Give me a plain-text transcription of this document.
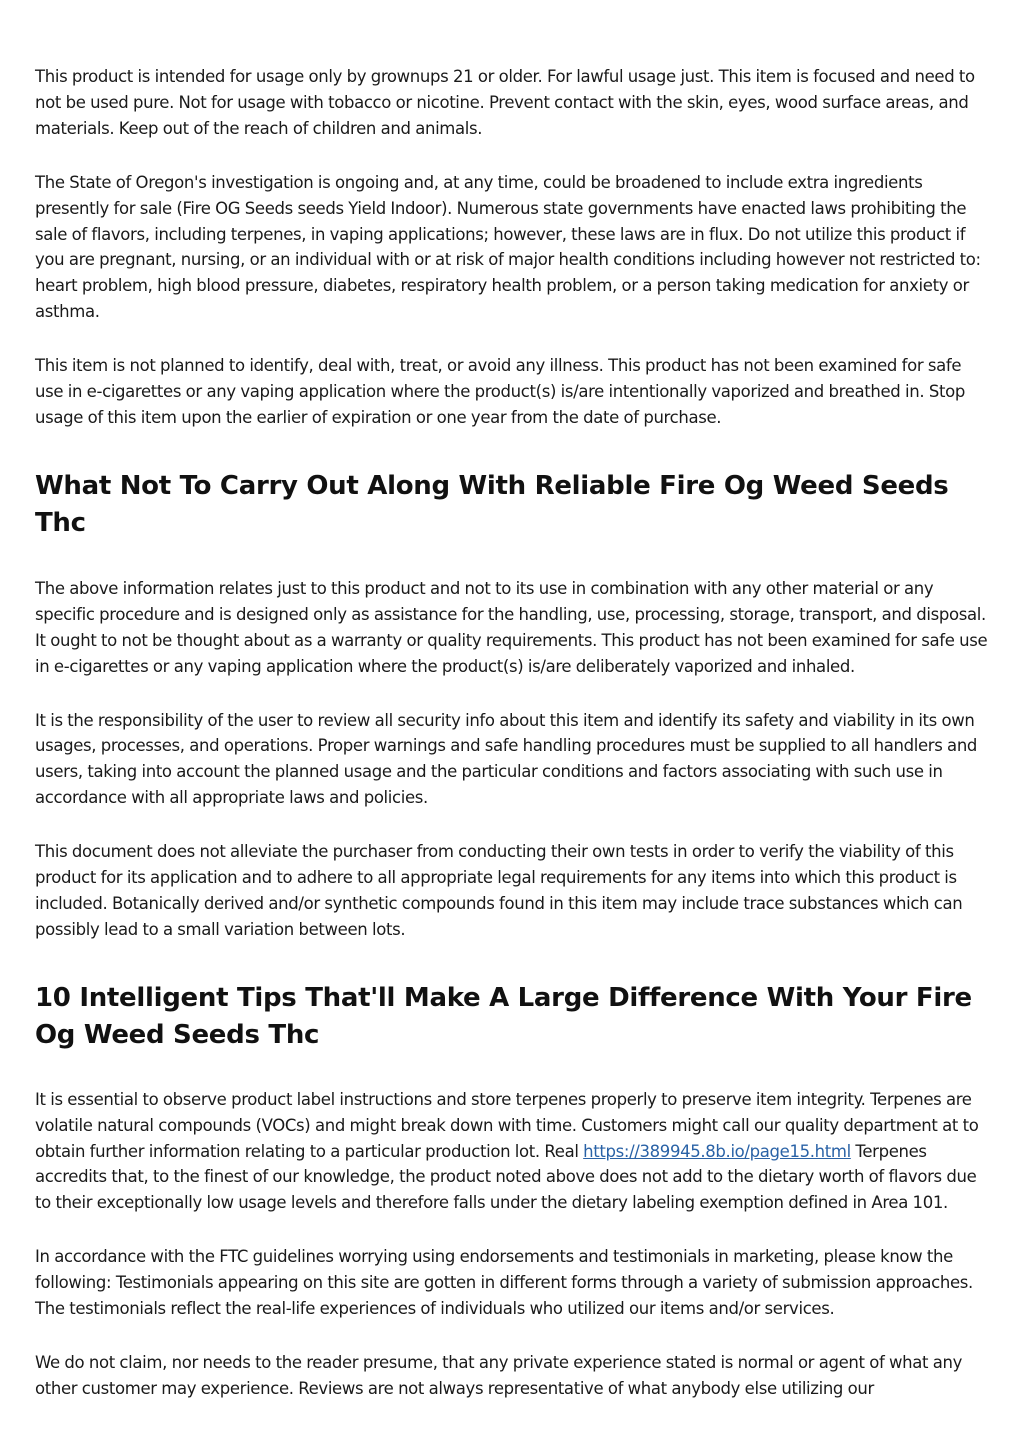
This product is intended for usage only by grownups 21 or older. For lawful usage just. This item is focused and need to not be used pure. Not for usage with tobacco or nicotine. Prevent contact with the skin, eyes, wood surface areas, and materials. Keep out of the reach of children and animals.

The State of Oregon's investigation is ongoing and, at any time, could be broadened to include extra ingredients presently for sale (Fire OG Seeds seeds Yield Indoor). Numerous state governments have enacted laws prohibiting the sale of flavors, including terpenes, in vaping applications; however, these laws are in flux. Do not utilize this product if you are pregnant, nursing, or an individual with or at risk of major health conditions including however not restricted to: heart problem, high blood pressure, diabetes, respiratory health problem, or a person taking medication for anxiety or asthma.

This item is not planned to identify, deal with, treat, or avoid any illness. This product has not been examined for safe use in e-cigarettes or any vaping application where the product(s) is/are intentionally vaporized and breathed in. Stop usage of this item upon the earlier of expiration or one year from the date of purchase.

What Not To Carry Out Along With Reliable Fire Og Weed Seeds Thc

The above information relates just to this product and not to its use in combination with any other material or any specific procedure and is designed only as assistance for the handling, use, processing, storage, transport, and disposal. It ought to not be thought about as a warranty or quality requirements. This product has not been examined for safe use in e-cigarettes or any vaping application where the product(s) is/are deliberately vaporized and inhaled.

It is the responsibility of the user to review all security info about this item and identify its safety and viability in its own usages, processes, and operations. Proper warnings and safe handling procedures must be supplied to all handlers and users, taking into account the planned usage and the particular conditions and factors associating with such use in accordance with all appropriate laws and policies.

This document does not alleviate the purchaser from conducting their own tests in order to verify the viability of this product for its application and to adhere to all appropriate legal requirements for any items into which this product is included. Botanically derived and/or synthetic compounds found in this item may include trace substances which can possibly lead to a small variation between lots.

10 Intelligent Tips That'll Make A Large Difference With Your Fire Og Weed Seeds Thc

It is essential to observe product label instructions and store terpenes properly to preserve item integrity. Terpenes are volatile natural compounds (VOCs) and might break down with time. Customers might call our quality department at to obtain further information relating to a particular production lot. Real https://389945.8b.io/page15.html Terpenes accredits that, to the finest of our knowledge, the product noted above does not add to the dietary worth of flavors due to their exceptionally low usage levels and therefore falls under the dietary labeling exemption defined in Area 101.

In accordance with the FTC guidelines worrying using endorsements and testimonials in marketing, please know the following: Testimonials appearing on this site are gotten in different forms through a variety of submission approaches. The testimonials reflect the real-life experiences of individuals who utilized our items and/or services.

We do not claim, nor needs to the reader presume, that any private experience stated is normal or agent of what any other customer may experience. Reviews are not always representative of what anybody else utilizing our
